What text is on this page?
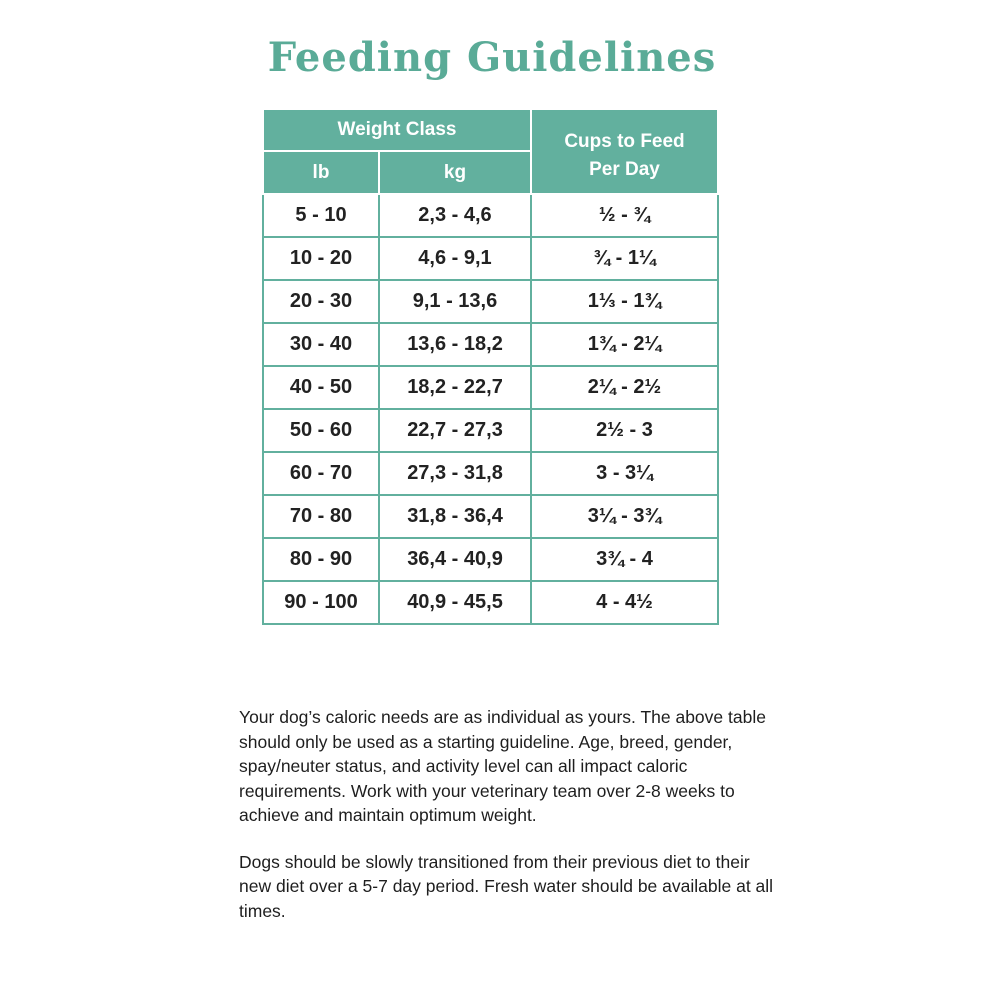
Feeding Guidelines
Weight Class		Cups to Feed
Per Day

lb	kg	
5 - 10	2,3 - 4,6	½ - ¾
10 - 20	4,6 - 9,1	¾ - 1¼
20 - 30	9,1 - 13,6	1⅓ - 1¾
30 - 40	13,6 - 18,2	1¾ - 2¼
40 - 50	18,2 - 22,7	2¼ - 2½
50 - 60	22,7 - 27,3	2½ - 3
60 - 70	27,3 - 31,8	3 - 3¼
70 - 80	31,8 - 36,4	3¼ - 3¾
80 - 90	36,4 - 40,9	3¾ - 4
90 - 100	40,9 - 45,5	4 - 4½

Your dog’s caloric needs are as individual as yours. The above table should only be used as a starting guideline. Age, breed, gender, spay/neuter status, and activity level can all impact caloric requirements. Work with your veterinary team over 2-8 weeks to achieve and maintain optimum weight.

Dogs should be slowly transitioned from their previous diet to their new diet over a 5-7 day period. Fresh water should be available at all times.
